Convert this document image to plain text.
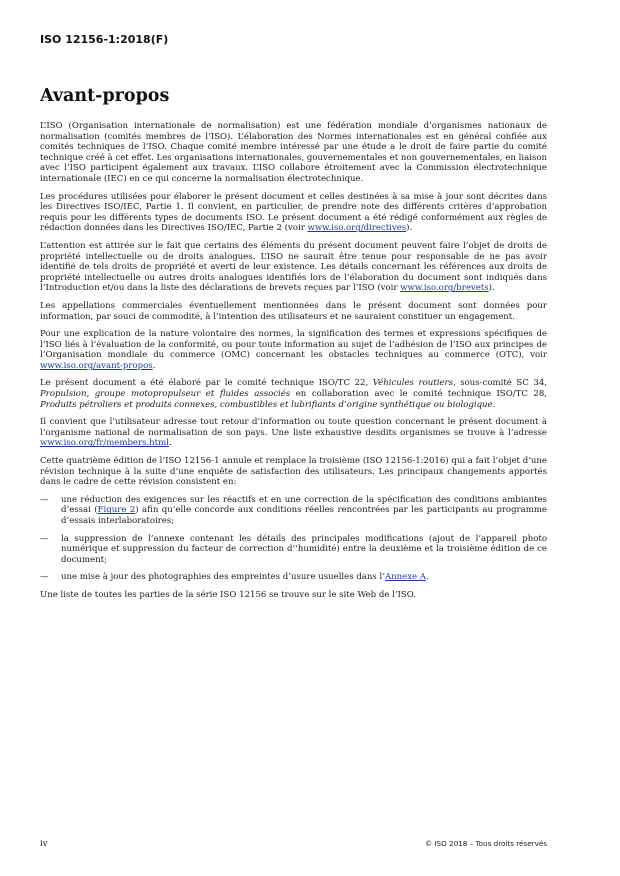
ISO 12156-1:2018(F)
Avant-propos

L’ISO (Organisation internationale de normalisation) est une fédération mondiale d’organismes nationaux de normalisation (comités membres de l’ISO). L’élaboration des Normes internationales est en général confiée aux comités techniques de l’ISO. Chaque comité membre intéressé par une étude a le droit de faire partie du comité technique créé à cet effet. Les organisations internationales, gouvernementales et non gouvernementales, en liaison avec l’ISO participent également aux travaux. L’ISO collabore étroitement avec la Commission électrotechnique internationale (IEC) en ce qui concerne la normalisation électrotechnique.

Les procédures utilisées pour élaborer le présent document et celles destinées à sa mise à jour sont décrites dans les Directives ISO/IEC, Partie 1. Il convient, en particulier, de prendre note des différents critères d’approbation requis pour les différents types de documents ISO. Le présent document a été rédigé conformément aux règles de rédaction données dans les Directives ISO/IEC, Partie 2 (voir www.iso.org/directives).

L’attention est attirée sur le fait que certains des éléments du présent document peuvent faire l’objet de droits de propriété intellectuelle ou de droits analogues. L’ISO ne saurait être tenue pour responsable de ne pas avoir identifié de tels droits de propriété et averti de leur existence. Les détails concernant les références aux droits de propriété intellectuelle ou autres droits analogues identifiés lors de l’élaboration du document sont indiqués dans l’Introduction et/ou dans la liste des déclarations de brevets reçues par l’ISO (voir www.iso.org/brevets).

Les appellations commerciales éventuellement mentionnées dans le présent document sont données pour information, par souci de commodité, à l’intention des utilisateurs et ne sauraient constituer un engagement.

Pour une explication de la nature volontaire des normes, la signification des termes et expressions spécifiques de l’ISO liés à l’évaluation de la conformité, ou pour toute information au sujet de l’adhésion de l’ISO aux principes de l’Organisation mondiale du commerce (OMC) concernant les obstacles techniques au commerce (OTC), voir www.iso.org/avant-propos.

Le présent document a été élaboré par le comité technique ISO/TC 22, Véhicules routiers, sous-comité SC 34, Propulsion, groupe motopropulseur et fluides associés en collaboration avec le comité technique ISO/TC 28, Produits pétroliers et produits connexes, combustibles et lubrifiants d’origine synthétique ou biologique.

Il convient que l’utilisateur adresse tout retour d’information ou toute question concernant le présent document à l’organisme national de normalisation de son pays. Une liste exhaustive desdits organismes se trouve à l’adresse www.iso.org/fr/members.html.

Cette quatrième édition de l’ISO 12156-1 annule et remplace la troisième (ISO 12156-1:2016) qui a fait l’objet d’une révision technique à la suite d’une enquête de satisfaction des utilisateurs. Les principaux changements apportés dans le cadre de cette révision consistent en:

—	une réduction des exigences sur les réactifs et en une correction de la spécification des conditions ambiantes d’essai (Figure 2) afin qu’elle concorde aux conditions réelles rencontrées par les participants au programme d’essais interlaboratoires;
—	la suppression de l’annexe contenant les détails des principales modifications (ajout de l’appareil photo numérique et suppression du facteur de correction d’‘humidité) entre la deuxième et la troisième édition de ce document;
—	une mise à jour des photographies des empreintes d’usure usuelles dans l’Annexe A.

Une liste de toutes les parties de la série ISO 12156 se trouve sur le site Web de l’ISO.

iv	© ISO 2018 – Tous droits réservés
